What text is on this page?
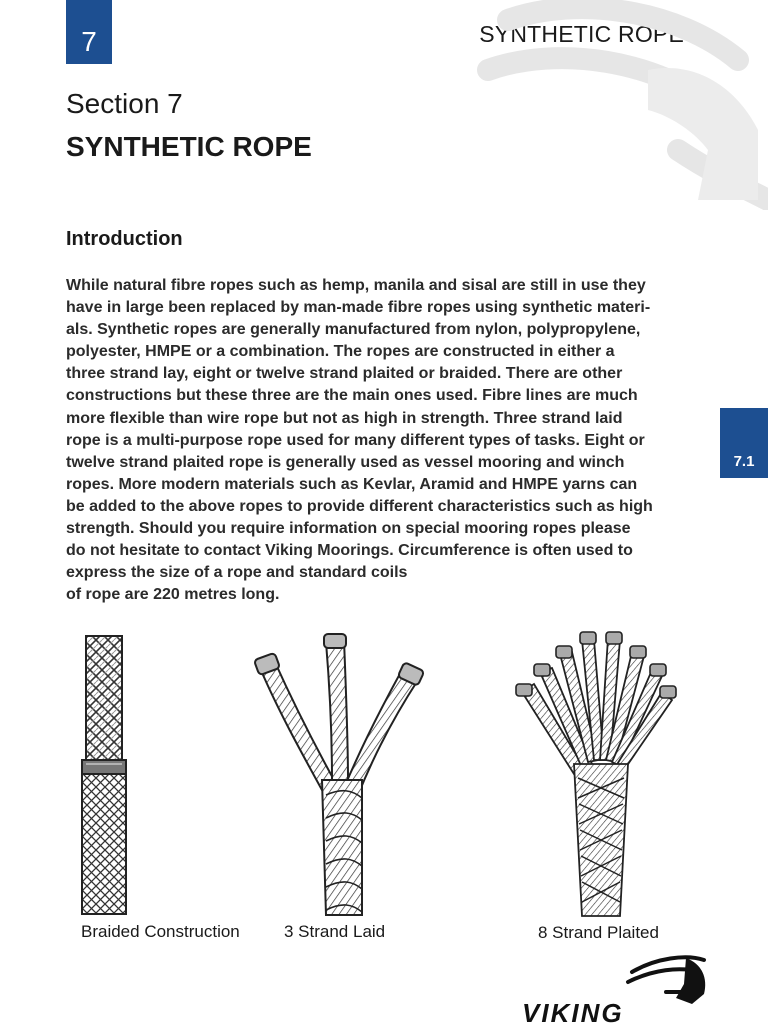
7	SYNTHETIC ROPE
Section 7
SYNTHETIC ROPE
Introduction

While natural fibre ropes such as hemp, manila and sisal are still in use they
have in large been replaced by man-made fibre ropes using synthetic materi-
als. Synthetic ropes are generally manufactured from nylon, polypropylene,
polyester, HMPE or a combination. The ropes are constructed in either a
three strand lay, eight or twelve strand plaited or braided. There are other
constructions but these three are the main ones used. Fibre lines are much
more flexible than wire rope but not as high in strength. Three strand laid
rope is a multi-purpose rope used for many different types of tasks. Eight or
twelve strand plaited rope is generally used as vessel mooring and winch
ropes. More modern materials such as Kevlar, Aramid and HMPE yarns can
be added to the above ropes to provide different characteristics such as high
strength. Should you require information on special mooring ropes please
do not hesitate to contact Viking Moorings. Circumference is often used to
express the size of a rope and standard coils
of rope are 220 metres long.

7.1
Braided Construction	3 Strand Laid	8 Strand Plaited
VIKING
